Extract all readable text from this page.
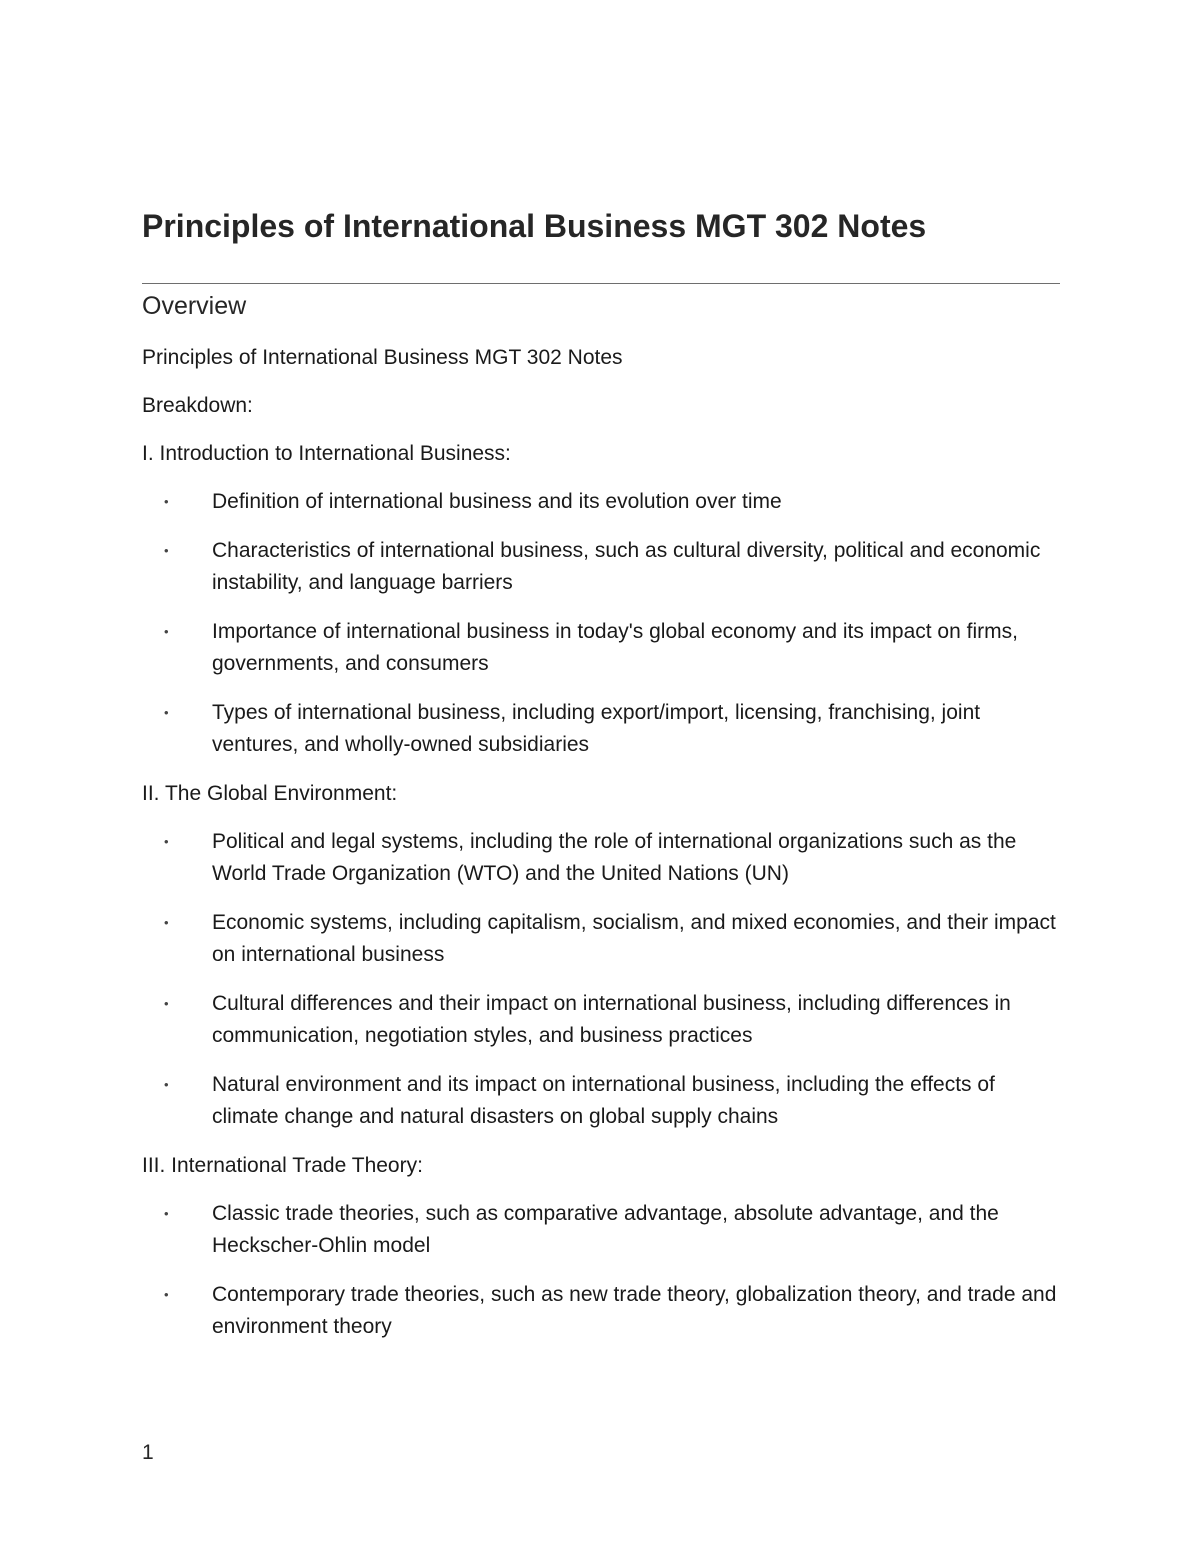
Principles of International Business MGT 302 Notes
Overview

Principles of International Business MGT 302 Notes

Breakdown:

I. Introduction to International Business:

• Definition of international business and its evolution over time
• Characteristics of international business, such as cultural diversity, political and economic instability, and language barriers
• Importance of international business in today's global economy and its impact on firms, governments, and consumers
• Types of international business, including export/import, licensing, franchising, joint ventures, and wholly-owned subsidiaries

II. The Global Environment:

• Political and legal systems, including the role of international organizations such as the World Trade Organization (WTO) and the United Nations (UN)
• Economic systems, including capitalism, socialism, and mixed economies, and their impact on international business
• Cultural differences and their impact on international business, including differences in communication, negotiation styles, and business practices
• Natural environment and its impact on international business, including the effects of climate change and natural disasters on global supply chains

III. International Trade Theory:

• Classic trade theories, such as comparative advantage, absolute advantage, and the Heckscher-Ohlin model
• Contemporary trade theories, such as new trade theory, globalization theory, and trade and environment theory
1
